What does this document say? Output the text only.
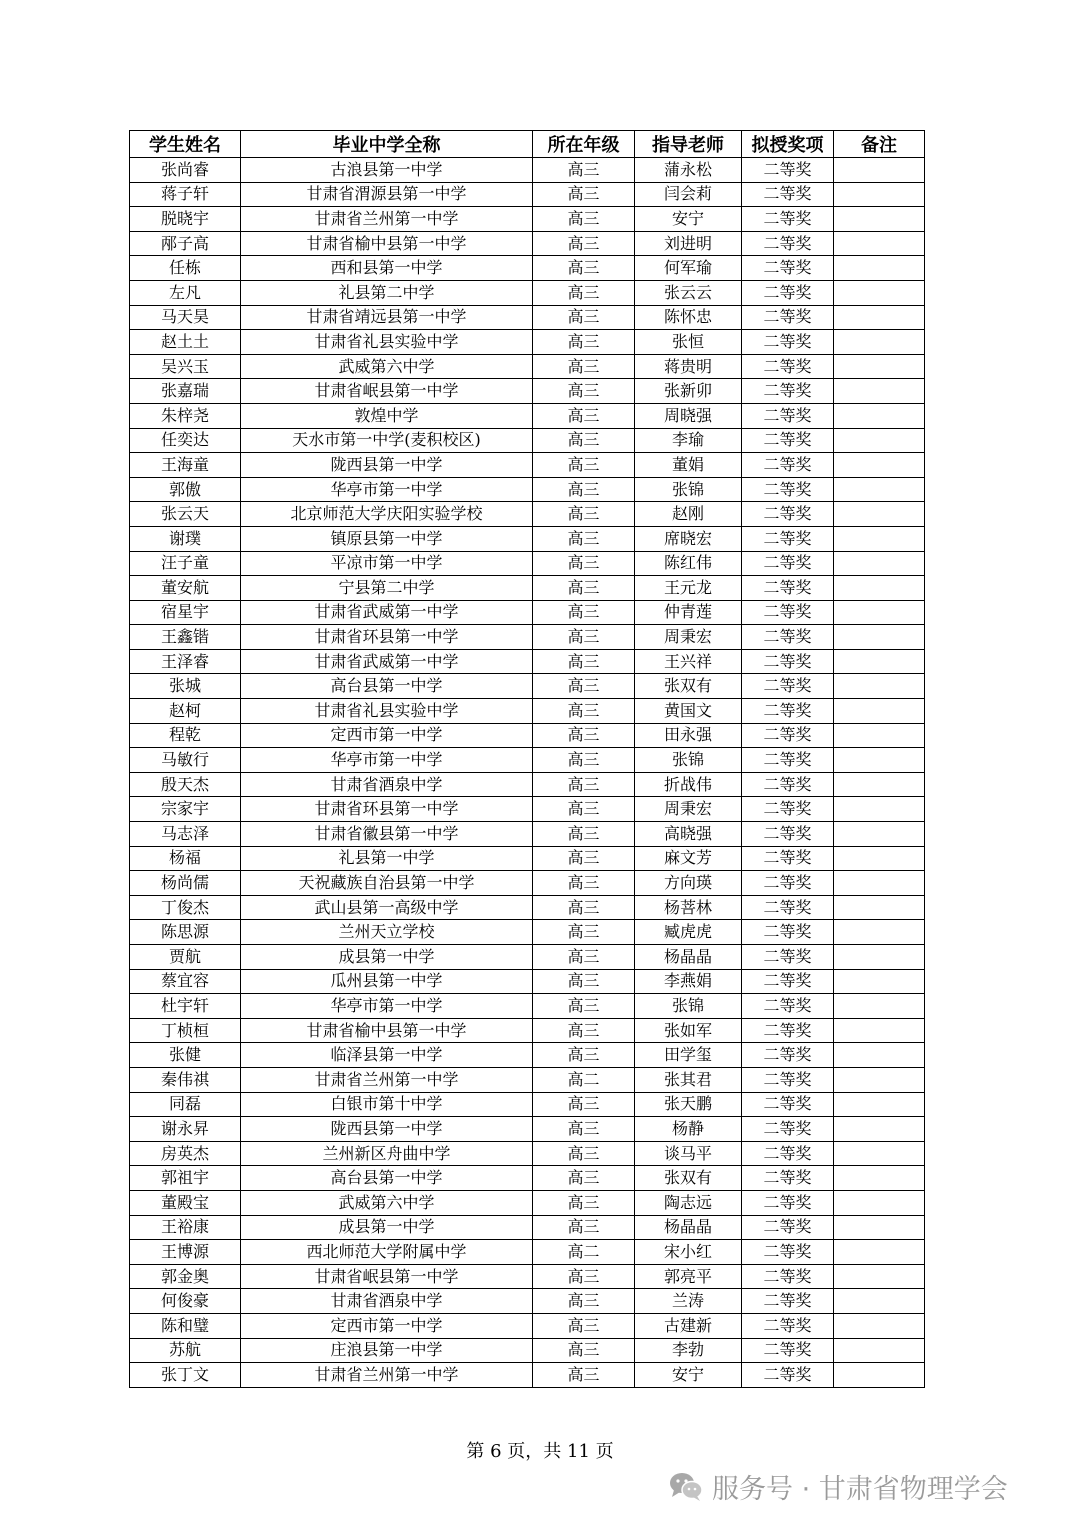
学生姓名	毕业中学全称	所在年级	指导老师	拟授奖项	备注
张尚睿	古浪县第一中学	高三	蒲永松	二等奖	
蒋子轩	甘肃省渭源县第一中学	高三	闫会莉	二等奖	
脱晓宇	甘肃省兰州第一中学	高三	安宁	二等奖	
邴子高	甘肃省榆中县第一中学	高三	刘进明	二等奖	
任栋	西和县第一中学	高三	何军瑜	二等奖	
左凡	礼县第二中学	高三	张云云	二等奖	
马天昊	甘肃省靖远县第一中学	高三	陈怀忠	二等奖	
赵土土	甘肃省礼县实验中学	高三	张恒	二等奖	
吴兴玉	武威第六中学	高三	蒋贵明	二等奖	
张嘉瑞	甘肃省岷县第一中学	高三	张新卯	二等奖	
朱梓尧	敦煌中学	高三	周晓强	二等奖	
任奕达	天水市第一中学(麦积校区)	高三	李瑜	二等奖	
王海童	陇西县第一中学	高三	董娟	二等奖	
郭傲	华亭市第一中学	高三	张锦	二等奖	
张云天	北京师范大学庆阳实验学校	高三	赵刚	二等奖	
谢璞	镇原县第一中学	高三	席晓宏	二等奖	
汪子童	平凉市第一中学	高三	陈红伟	二等奖	
董安航	宁县第二中学	高三	王元龙	二等奖	
宿星宇	甘肃省武威第一中学	高三	仲青莲	二等奖	
王鑫锴	甘肃省环县第一中学	高三	周秉宏	二等奖	
王泽睿	甘肃省武威第一中学	高三	王兴祥	二等奖	
张城	高台县第一中学	高三	张双有	二等奖	
赵柯	甘肃省礼县实验中学	高三	黄国文	二等奖	
程乾	定西市第一中学	高三	田永强	二等奖	
马敏行	华亭市第一中学	高三	张锦	二等奖	
殷天杰	甘肃省酒泉中学	高三	折战伟	二等奖	
宗家宇	甘肃省环县第一中学	高三	周秉宏	二等奖	
马志泽	甘肃省徽县第一中学	高三	高晓强	二等奖	
杨福	礼县第一中学	高三	麻文芳	二等奖	
杨尚儒	天祝藏族自治县第一中学	高三	方向瑛	二等奖	
丁俊杰	武山县第一高级中学	高三	杨菩林	二等奖	
陈思源	兰州天立学校	高三	臧虎虎	二等奖	
贾航	成县第一中学	高三	杨晶晶	二等奖	
蔡宜容	瓜州县第一中学	高三	李燕娟	二等奖	
杜宇轩	华亭市第一中学	高三	张锦	二等奖	
丁桢桓	甘肃省榆中县第一中学	高三	张如军	二等奖	
张健	临泽县第一中学	高三	田学玺	二等奖	
秦伟祺	甘肃省兰州第一中学	高二	张其君	二等奖	
同磊	白银市第十中学	高三	张天鹏	二等奖	
谢永昇	陇西县第一中学	高三	杨静	二等奖	
房英杰	兰州新区舟曲中学	高三	谈马平	二等奖	
郭祖宇	高台县第一中学	高三	张双有	二等奖	
董殿宝	武威第六中学	高三	陶志远	二等奖	
王裕康	成县第一中学	高三	杨晶晶	二等奖	
王博源	西北师范大学附属中学	高二	宋小红	二等奖	
郭金奥	甘肃省岷县第一中学	高三	郭亮平	二等奖	
何俊豪	甘肃省酒泉中学	高三	兰涛	二等奖	
陈和璧	定西市第一中学	高三	古建新	二等奖	
苏航	庄浪县第一中学	高三	李勃	二等奖	
张丁文	甘肃省兰州第一中学	高三	安宁	二等奖	
第 6 页，共 11 页
服务号 · 甘肃省物理学会
